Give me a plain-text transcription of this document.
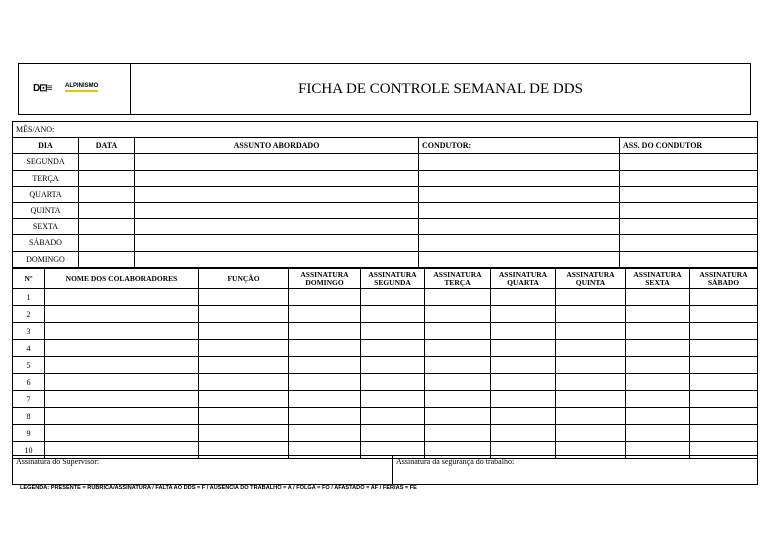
D⊡≡ ALPINISMO	FICHA DE CONTROLE SEMANAL DE DDS
MÊS/ANO:				
DIA	DATA	ASSUNTO ABORDADO	CONDUTOR:	ASS. DO CONDUTOR
SEGUNDA				
TERÇA				
QUARTA				
QUINTA				
SEXTA				
SÁBADO				
DOMINGO				
Nº	NOME DOS COLABORADORES	FUNÇÃO	ASSINATURA DOMINGO	ASSINATURA SEGUNDA	ASSINATURA TERÇA	ASSINATURA QUARTA	ASSINATURA QUINTA	ASSINATURA SEXTA	ASSINATURA SÁBADO
1									
2									
3									
4									
5									
6									
7									
8									
9									
10									
Assinatura do Supervisor:	Assinatura da segurança do trabalho:
LEGENDA: PRESENTE = RÚBRICA/ASSINATURA / FALTA AO DDS = F / AUSÊNCIA DO TRABALHO = A / FOLGA = FO / AFASTADO = AF / FÉRIAS = FE
